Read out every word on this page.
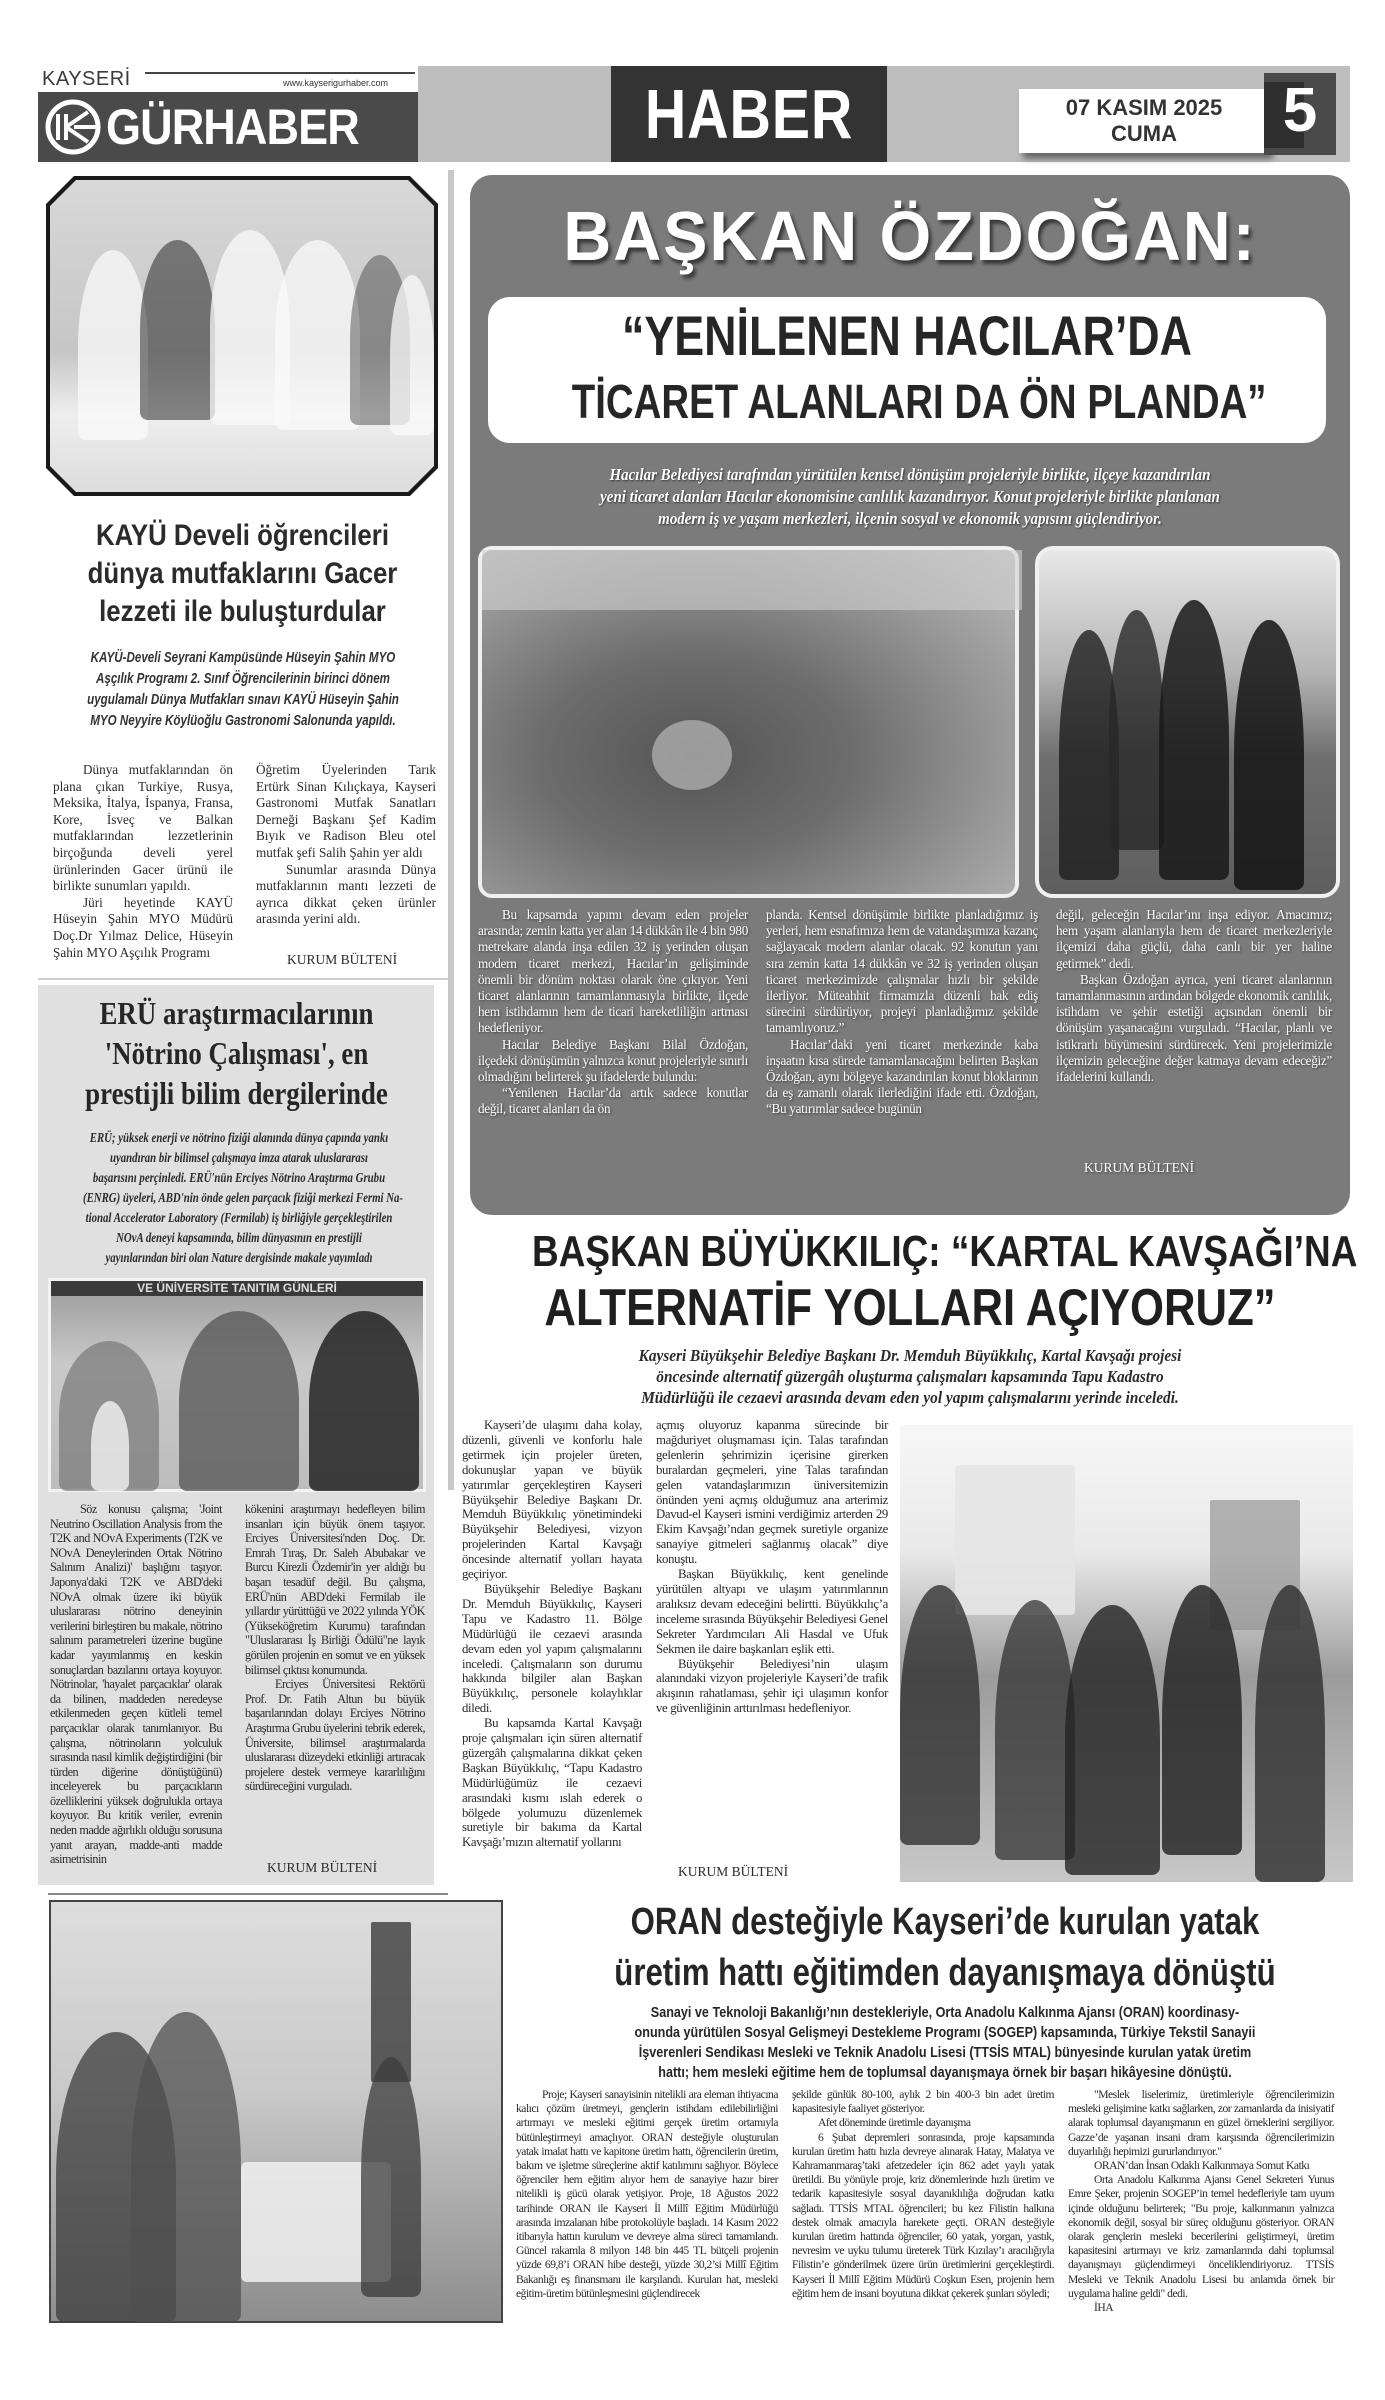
KAYSERİ	www.kayserigurhaber.com
GÜRHABER	HABER	07 KASIM 2025
CUMA	5
KAYÜ Develi öğrencileri
dünya mutfaklarını Gacer
lezzeti ile buluşturdular
KAYÜ-Develi Seyrani Kampüsünde Hüseyin Şahin MYO
Aşçılık Programı 2. Sınıf Öğrencilerinin birinci dönem
uygulamalı Dünya Mutfakları sınavı KAYÜ Hüseyin Şahin
MYO Neyyire Köylüoğlu Gastronomi Salonunda yapıldı.

Dünya mutfaklarından ön plana çıkan Turkiye, Rusya, Meksika, İtalya, İspanya, Fransa, Kore, İsveç ve Balkan mutfaklarından lezzetlerinin birçoğunda develi yerel ürünlerinden Gacer ürünü ile birlikte sunumları yapıldı.

Jüri heyetinde KAYÜ Hüseyin Şahin MYO Müdürü Doç.Dr Yılmaz Delice, Hüseyin Şahin MYO Aşçılık Programı

Öğretim Üyelerinden Tarık Ertürk Sinan Kılıçkaya, Kayseri Gastronomi Mutfak Sanatları Derneği Başkanı Şef Kadim Bıyık ve Radison Bleu otel mutfak şefi Salih Şahin yer aldı

Sunumlar arasında Dünya mutfaklarının mantı lezzeti de ayrıca dikkat çeken ürünler arasında yerini aldı.

KURUM BÜLTENİ
ERÜ araştırmacılarının
'Nötrino Çalışması', en
prestijli bilim dergilerinde
ERÜ; yüksek enerji ve nötrino fiziği alanında dünya çapında yankı
uyandıran bir bilimsel çalışmaya imza atarak uluslararası
başarısını perçinledi. ERÜ'nün Erciyes Nötrino Araştırma Grubu
(ENRG) üyeleri, ABD'nin önde gelen parçacık fiziği merkezi Fermi Na-
tional Accelerator Laboratory (Fermilab) iş birliğiyle gerçekleştirilen
NOvA deneyi kapsamında, bilim dünyasının en prestijli
yayınlarından biri olan Nature dergisinde makale yayımladı
VE ÜNİVERSİTE TANITIM GÜNLERİ

Söz konusu çalışma; 'Joint Neutrino Oscillation Analysis from the T2K and NOvA Experiments (T2K ve NOvA Deneylerinden Ortak Nötrino Salınım Analizi)' başlığını taşıyor. Japonya'daki T2K ve ABD'deki NOvA olmak üzere iki büyük uluslararası nötrino deneyinin verilerini birleştiren bu makale, nötrino salınım parametreleri üzerine bugüne kadar yayımlanmış en keskin sonuçlardan bazılarını ortaya koyuyor. Nötrinolar, 'hayalet parçacıklar' olarak da bilinen, maddeden neredeyse etkilenmeden geçen kütleli temel parçacıklar olarak tanımlanıyor. Bu çalışma, nötrinoların yolculuk sırasında nasıl kimlik değiştirdiğini (bir türden diğerine dönüştüğünü) inceleyerek bu parçacıkların özelliklerini yüksek doğrulukla ortaya koyuyor. Bu kritik veriler, evrenin neden madde ağırlıklı olduğu sorusuna yanıt arayan, madde-anti madde asimetrisinin

kökenini araştırmayı hedefleyen bilim insanları için büyük önem taşıyor. Erciyes Üniversitesi'nden Doç. Dr. Emrah Tıraş, Dr. Saleh Abubakar ve Burcu Kirezli Özdemir'in yer aldığı bu başarı tesadüf değil. Bu çalışma, ERÜ'nün ABD'deki Fermilab ile yıllardır yürüttüğü ve 2022 yılında YÖK (Yükseköğretim Kurumu) tarafından "Uluslararası İş Birliği Ödülü"ne layık görülen projenin en somut ve en yüksek bilimsel çıktısı konumunda.

Erciyes Üniversitesi Rektörü Prof. Dr. Fatih Altun bu büyük başarılarından dolayı Erciyes Nötrino Araştırma Grubu üyelerini tebrik ederek, Üniversite, bilimsel araştırmalarda uluslararası düzeydeki etkinliği artıracak projelere destek vermeye kararlılığını sürdüreceğini vurguladı.

KURUM BÜLTENİ
BAŞKAN ÖZDOĞAN:
“YENİLENEN HACILAR’DA
TİCARET ALANLARI DA ÖN PLANDA”
Hacılar Belediyesi tarafından yürütülen kentsel dönüşüm projeleriyle birlikte, ilçeye kazandırılan
yeni ticaret alanları Hacılar ekonomisine canlılık kazandırıyor. Konut projeleriyle birlikte planlanan
modern iş ve yaşam merkezleri, ilçenin sosyal ve ekonomik yapısını güçlendiriyor.

Bu kapsamda yapımı devam eden projeler arasında; zemin katta yer alan 14 dükkân ile 4 bin 980 metrekare alanda inşa edilen 32 iş yerinden oluşan modern ticaret merkezi, Hacılar’ın gelişiminde önemli bir dönüm noktası olarak öne çıkıyor. Yeni ticaret alanlarının tamamlanmasıyla birlikte, ilçede hem istihdamın hem de ticari hareketliliğin artması hedefleniyor.

Hacılar Belediye Başkanı Bilal Özdoğan, ilçedeki dönüşümün yalnızca konut projeleriyle sınırlı olmadığını belirterek şu ifadelerde bulundu:

“Yenilenen Hacılar’da artık sadece konutlar değil, ticaret alanları da ön

planda. Kentsel dönüşümle birlikte planladığımız iş yerleri, hem esnafımıza hem de vatandaşımıza kazanç sağlayacak modern alanlar olacak. 92 konutun yanı sıra zemin katta 14 dükkân ve 32 iş yerinden oluşan ticaret merkezimizde çalışmalar hızlı bir şekilde ilerliyor. Müteahhit firmamızla düzenli hak ediş sürecini sürdürüyor, projeyi planladığımız şekilde tamamlıyoruz.”

Hacılar’daki yeni ticaret merkezinde kaba inşaatın kısa sürede tamamlanacağını belirten Başkan Özdoğan, aynı bölgeye kazandırılan konut bloklarının da eş zamanlı olarak ilerlediğini ifade etti. Özdoğan, “Bu yatırımlar sadece bugünün

değil, geleceğin Hacılar’ını inşa ediyor. Amacımız; hem yaşam alanlarıyla hem de ticaret merkezleriyle ilçemizi daha güçlü, daha canlı bir yer haline getirmek” dedi.

Başkan Özdoğan ayrıca, yeni ticaret alanlarının tamamlanmasının ardından bölgede ekonomik canlılık, istihdam ve şehir estetiği açısından önemli bir dönüşüm yaşanacağını vurguladı. “Hacılar, planlı ve istikrarlı büyümesini sürdürecek. Yeni projelerimizle ilçemizin geleceğine değer katmaya devam edeceğiz” ifadelerini kullandı.

KURUM BÜLTENİ
BAŞKAN BÜYÜKKILIÇ: “KARTAL KAVŞAĞI’NA
ALTERNATİF YOLLARI AÇIYORUZ”
Kayseri Büyükşehir Belediye Başkanı Dr. Memduh Büyükkılıç, Kartal Kavşağı projesi
öncesinde alternatif güzergâh oluşturma çalışmaları kapsamında Tapu Kadastro
Müdürlüğü ile cezaevi arasında devam eden yol yapım çalışmalarını yerinde inceledi.

Kayseri’de ulaşımı daha kolay, düzenli, güvenli ve konforlu hale getirmek için projeler üreten, dokunuşlar yapan ve büyük yatırımlar gerçekleştiren Kayseri Büyükşehir Belediye Başkanı Dr. Memduh Büyükkılıç yönetimindeki Büyükşehir Belediyesi, vizyon projelerinden Kartal Kavşağı öncesinde alternatif yolları hayata geçiriyor.

Büyükşehir Belediye Başkanı Dr. Memduh Büyükkılıç, Kayseri Tapu ve Kadastro 11. Bölge Müdürlüğü ile cezaevi arasında devam eden yol yapım çalışmalarını inceledi. Çalışmaların son durumu hakkında bilgiler alan Başkan Büyükkılıç, personele kolaylıklar diledi.

Bu kapsamda Kartal Kavşağı proje çalışmaları için süren alternatif güzergâh çalışmalarına dikkat çeken Başkan Büyükkılıç, “Tapu Kadastro Müdürlüğümüz ile cezaevi arasındaki kısmı ıslah ederek o bölgede yolumuzu düzenlemek suretiyle bir bakıma da Kartal Kavşağı’mızın alternatif yollarını

açmış oluyoruz kapanma sürecinde bir mağduriyet oluşmaması için. Talas tarafından gelenlerin şehrimizin içerisine girerken buralardan geçmeleri, yine Talas tarafından gelen vatandaşlarımızın üniversitemizin önünden yeni açmış olduğumuz ana arterimiz Davud-el Kayseri ismini verdiğimiz arterden 29 Ekim Kavşağı’ndan geçmek suretiyle organize sanayiye gitmeleri sağlanmış olacak” diye konuştu.

Başkan Büyükkılıç, kent genelinde yürütülen altyapı ve ulaşım yatırımlarının aralıksız devam edeceğini belirtti. Büyükkılıç’a inceleme sırasında Büyükşehir Belediyesi Genel Sekreter Yardımcıları Ali Hasdal ve Ufuk Sekmen ile daire başkanları eşlik etti.

Büyükşehir Belediyesi’nin ulaşım alanındaki vizyon projeleriyle Kayseri’de trafik akışının rahatlaması, şehir içi ulaşımın konfor ve güvenliğinin arttırılması hedefleniyor.

KURUM BÜLTENİ
ORAN desteğiyle Kayseri’de kurulan yatak
üretim hattı eğitimden dayanışmaya dönüştü
Sanayi ve Teknoloji Bakanlığı’nın destekleriyle, Orta Anadolu Kalkınma Ajansı (ORAN) koordinasy-
onunda yürütülen Sosyal Gelişmeyi Destekleme Programı (SOGEP) kapsamında, Türkiye Tekstil Sanayii
İşverenleri Sendikası Mesleki ve Teknik Anadolu Lisesi (TTSİS MTAL) bünyesinde kurulan yatak üretim
hattı; hem mesleki eğitime hem de toplumsal dayanışmaya örnek bir başarı hikâyesine dönüştü.

Proje; Kayseri sanayisinin nitelikli ara eleman ihtiyacına kalıcı çözüm üretmeyi, gençlerin istihdam edilebilirliğini artırmayı ve mesleki eğitimi gerçek üretim ortamıyla bütünleştirmeyi amaçlıyor. ORAN desteğiyle oluşturulan yatak imalat hattı ve kapitone üretim hattı, öğrencilerin üretim, bakım ve işletme süreçlerine aktif katılımını sağlıyor. Böylece öğrenciler hem eğitim alıyor hem de sanayiye hazır birer nitelikli iş gücü olarak yetişiyor. Proje, 18 Ağustos 2022 tarihinde ORAN ile Kayseri İl Millî Eğitim Müdürlüğü arasında imzalanan hibe protokolüyle başladı. 14 Kasım 2022 itibarıyla hattın kurulum ve devreye alma süreci tamamlandı. Güncel rakamla 8 milyon 148 bin 445 TL bütçeli projenin yüzde 69,8’i ORAN hibe desteği, yüzde 30,2’si Millî Eğitim Bakanlığı eş finansmanı ile karşılandı. Kurulan hat, mesleki eğitim-üretim bütünleşmesini güçlendirecek

şekilde günlük 80-100, aylık 2 bin 400-3 bin adet üretim kapasitesiyle faaliyet gösteriyor.

Afet döneminde üretimle dayanışma

6 Şubat depremleri sonrasında, proje kapsamında kurulan üretim hattı hızla devreye alınarak Hatay, Malatya ve Kahramanmaraş’taki afetzedeler için 862 adet yaylı yatak üretildi. Bu yönüyle proje, kriz dönemlerinde hızlı üretim ve tedarik kapasitesiyle sosyal dayanıklılığa doğrudan katkı sağladı. TTSİS MTAL öğrencileri; bu kez Filistin halkına destek olmak amacıyla harekete geçti. ORAN desteğiyle kurulan üretim hattında öğrenciler, 60 yatak, yorgan, yastık, nevresim ve uyku tulumu üreterek Türk Kızılay’ı aracılığıyla Filistin’e gönderilmek üzere ürün üretimlerini gerçekleştirdi. Kayseri İl Millî Eğitim Müdürü Coşkun Esen, projenin hem eğitim hem de insani boyutuna dikkat çekerek şunları söyledi;

"Meslek liselerimiz, üretimleriyle öğrencilerimizin mesleki gelişimine katkı sağlarken, zor zamanlarda da inisiyatif alarak toplumsal dayanışmanın en güzel örneklerini sergiliyor. Gazze’de yaşanan insani dram karşısında öğrencilerimizin duyarlılığı hepimizi gururlandırıyor."

ORAN’dan İnsan Odaklı Kalkınmaya Somut Katkı

Orta Anadolu Kalkınma Ajansı Genel Sekreteri Yunus Emre Şeker, projenin SOGEP’in temel hedefleriyle tam uyum içinde olduğunu belirterek; "Bu proje, kalkınmanın yalnızca ekonomik değil, sosyal bir süreç olduğunu gösteriyor. ORAN olarak gençlerin mesleki becerilerini geliştirmeyi, üretim kapasitesini artırmayı ve kriz zamanlarında dahi toplumsal dayanışmayı güçlendirmeyi önceliklendiriyoruz. TTSİS Mesleki ve Teknik Anadolu Lisesi bu anlamda örnek bir uygulama haline geldi" dedi.

İHA
